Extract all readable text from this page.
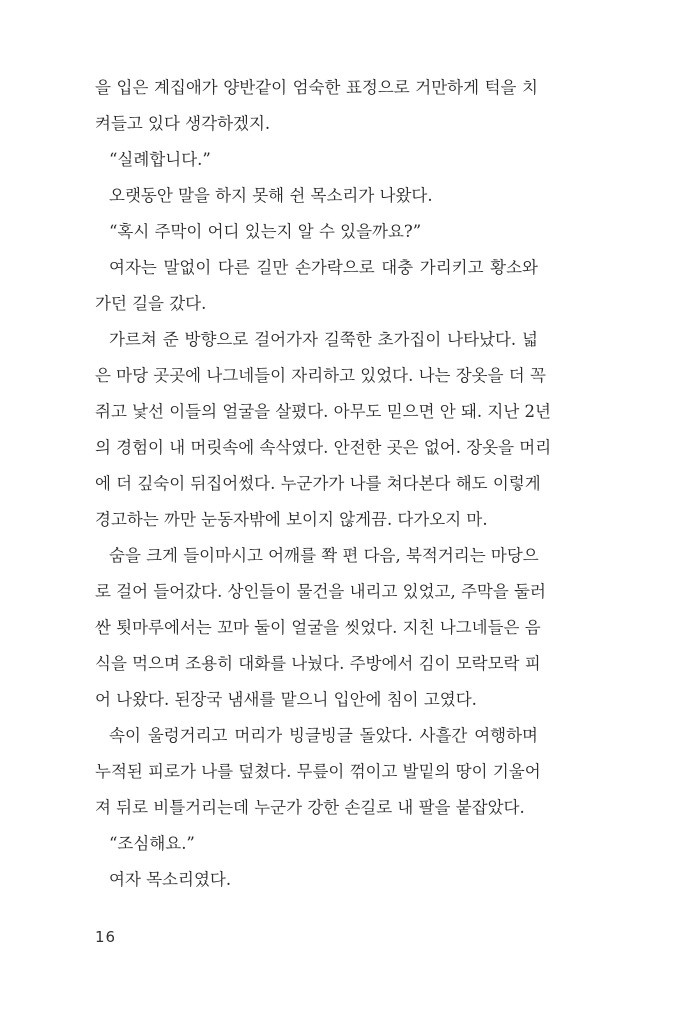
을 입은 계집애가 양반같이 엄숙한 표정으로 거만하게 턱을 치
켜들고 있다 생각하겠지.
“실례합니다.”
오랫동안 말을 하지 못해 쉰 목소리가 나왔다.
“혹시 주막이 어디 있는지 알 수 있을까요?”
여자는 말없이 다른 길만 손가락으로 대충 가리키고 황소와
가던 길을 갔다.
가르쳐 준 방향으로 걸어가자 길쭉한 초가집이 나타났다. 넓
은 마당 곳곳에 나그네들이 자리하고 있었다. 나는 장옷을 더 꼭
쥐고 낯선 이들의 얼굴을 살폈다. 아무도 믿으면 안 돼. 지난 2년
의 경험이 내 머릿속에 속삭였다. 안전한 곳은 없어. 장옷을 머리
에 더 깊숙이 뒤집어썼다. 누군가가 나를 쳐다본다 해도 이렇게
경고하는 까만 눈동자밖에 보이지 않게끔. 다가오지 마.
숨을 크게 들이마시고 어깨를 쫙 편 다음, 북적거리는 마당으
로 걸어 들어갔다. 상인들이 물건을 내리고 있었고, 주막을 둘러
싼 툇마루에서는 꼬마 둘이 얼굴을 씻었다. 지친 나그네들은 음
식을 먹으며 조용히 대화를 나눴다. 주방에서 김이 모락모락 피
어 나왔다. 된장국 냄새를 맡으니 입안에 침이 고였다.
속이 울렁거리고 머리가 빙글빙글 돌았다. 사흘간 여행하며
누적된 피로가 나를 덮쳤다. 무릎이 꺾이고 발밑의 땅이 기울어
져 뒤로 비틀거리는데 누군가 강한 손길로 내 팔을 붙잡았다.
“조심해요.”
여자 목소리였다.
16
